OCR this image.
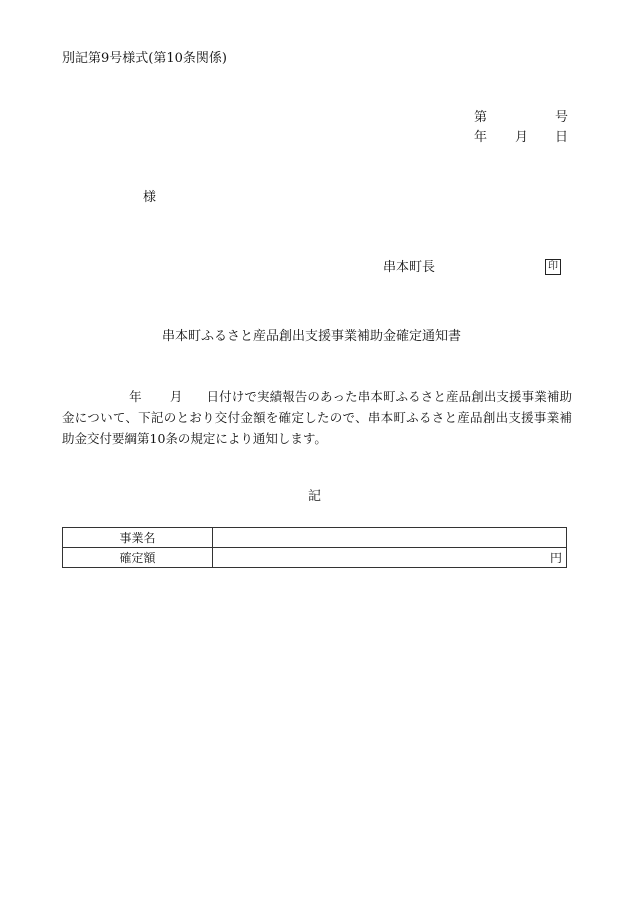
別記第9号様式(第10条関係)
第	号
年 月 日
様
串本町長	印
串本町ふるさと産品創出支援事業補助金確定通知書
年 月 日付けで実績報告のあった串本町ふるさと産品創出支援事業補助金について、下記のとおり交付金額を確定したので、串本町ふるさと産品創出支援事業補助金交付要綱第10条の規定により通知します。
記
事業名	
確定額	円
